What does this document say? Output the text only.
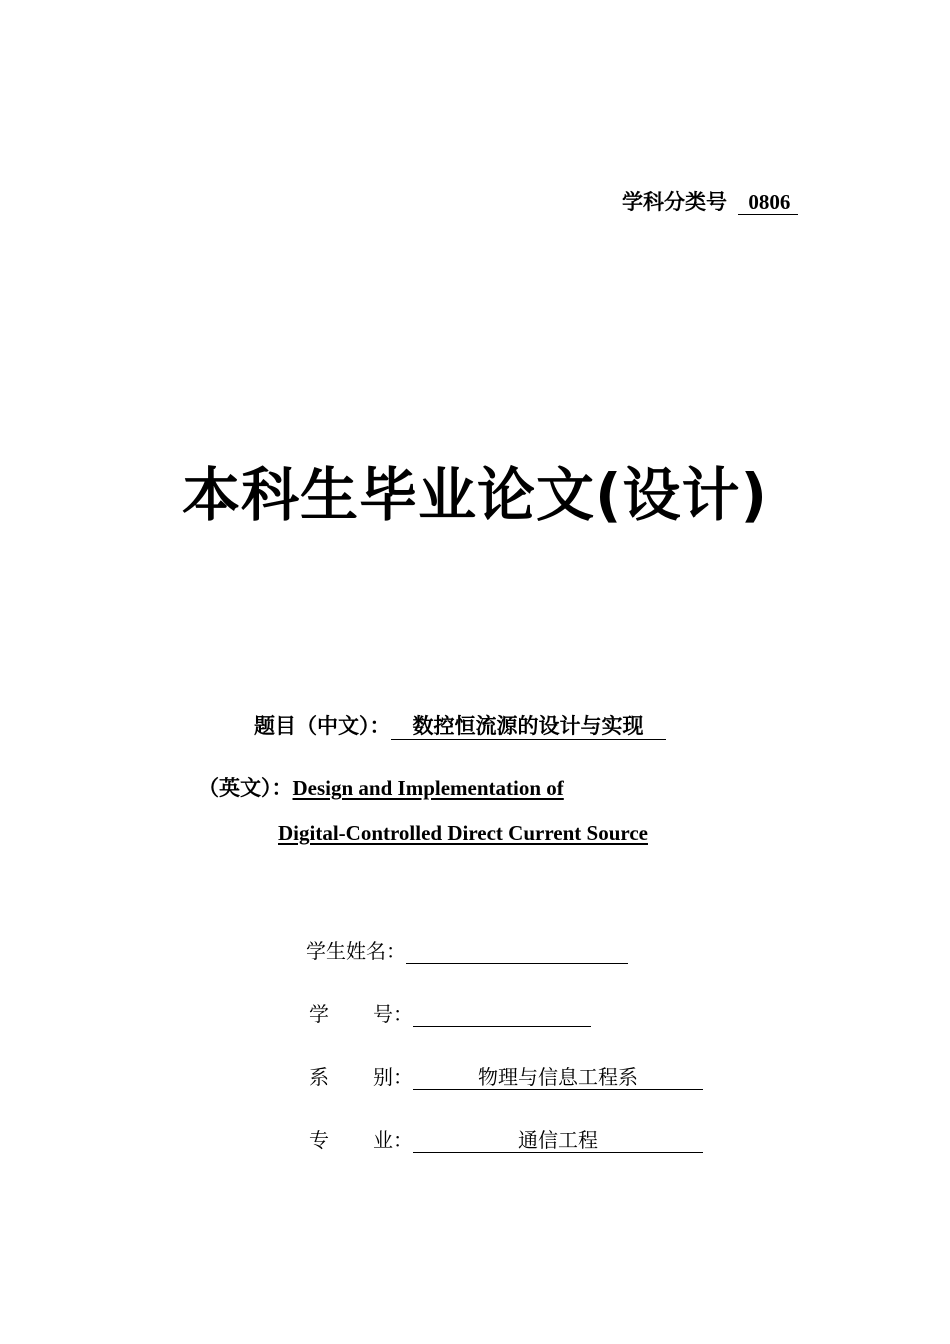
学科分类号 0806
本科生毕业论文(设计)
题目（中文）： 数控恒流源的设计与实现
（英文）：Design and Implementation of
Digital-Controlled Direct Current Source
学生姓名：
学 号：
系 别：	物理与信息工程系
专 业：	通信工程
